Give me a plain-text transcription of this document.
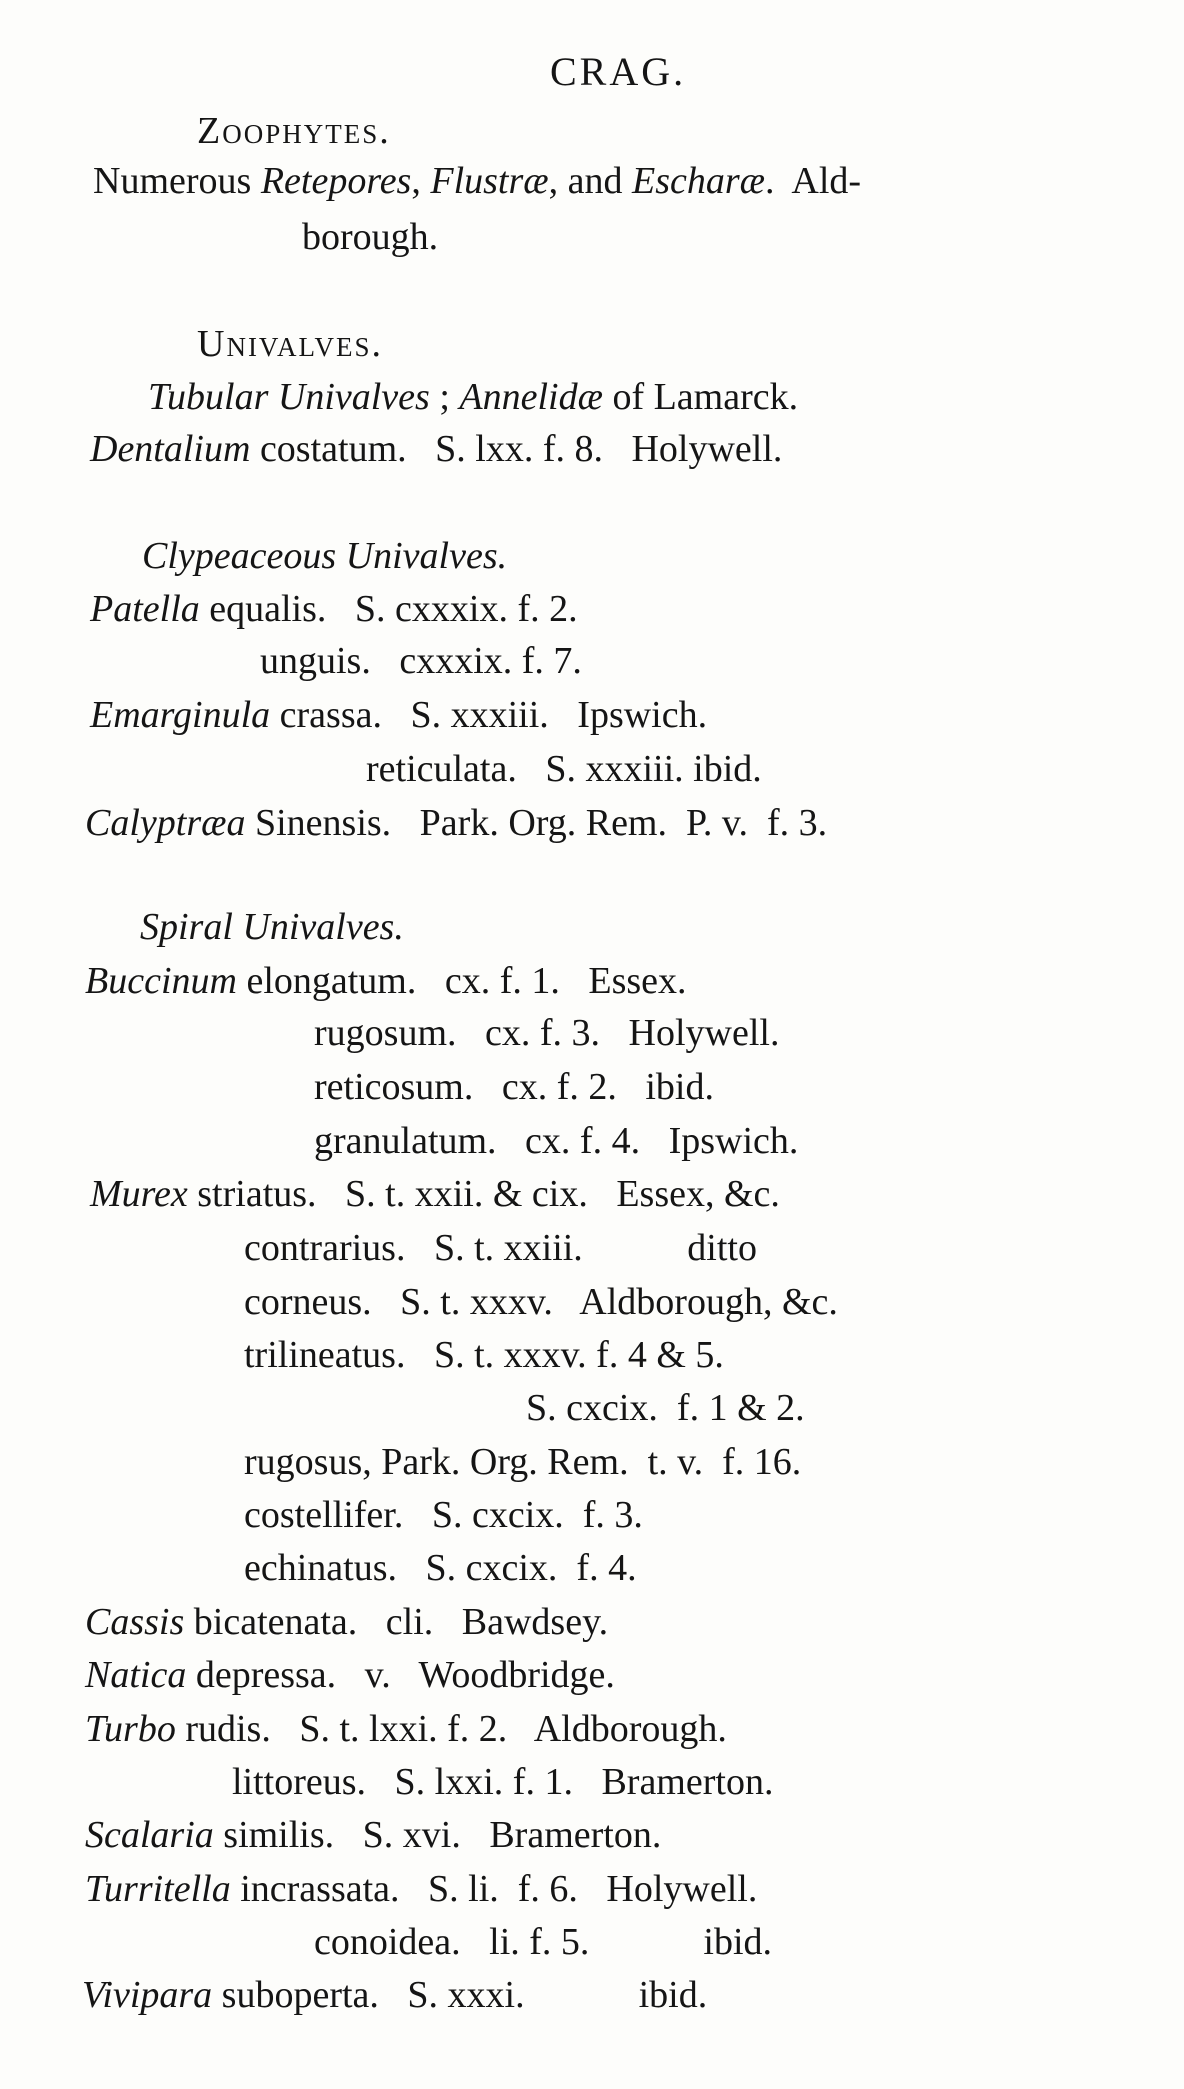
CRAG.
Zoophytes.
Numerous Retepores, Flustræ, and Escharæ.  Ald-
borough.
Univalves.
Tubular Univalves ; Annelidæ of Lamarck.
Dentalium costatum.   S. lxx. f. 8.   Holywell.
Clypeaceous Univalves.
Patella equalis.   S. cxxxix. f. 2.
unguis.   cxxxix. f. 7.
Emarginula crassa.   S. xxxiii.   Ipswich.
reticulata.   S. xxxiii. ibid.
Calyptræa Sinensis.   Park. Org. Rem.  P. v.  f. 3.
Spiral Univalves.
Buccinum elongatum.   cx. f. 1.   Essex.
rugosum.   cx. f. 3.   Holywell.
reticosum.   cx. f. 2.   ibid.
granulatum.   cx. f. 4.   Ipswich.
Murex striatus.   S. t. xxii. & cix.   Essex, &c.
contrarius.   S. t. xxiii.           ditto
corneus.   S. t. xxxv.   Aldborough, &c.
trilineatus.   S. t. xxxv. f. 4 & 5.
S. cxcix.  f. 1 & 2.
rugosus, Park. Org. Rem.  t. v.  f. 16.
costellifer.   S. cxcix.  f. 3.
echinatus.   S. cxcix.  f. 4.
Cassis bicatenata.   cli.   Bawdsey.
Natica depressa.   v.   Woodbridge.
Turbo rudis.   S. t. lxxi. f. 2.   Aldborough.
littoreus.   S. lxxi. f. 1.   Bramerton.
Scalaria similis.   S. xvi.   Bramerton.
Turritella incrassata.   S. li.  f. 6.   Holywell.
conoidea.   li. f. 5.            ibid.
Vivipara suboperta.   S. xxxi.            ibid.
